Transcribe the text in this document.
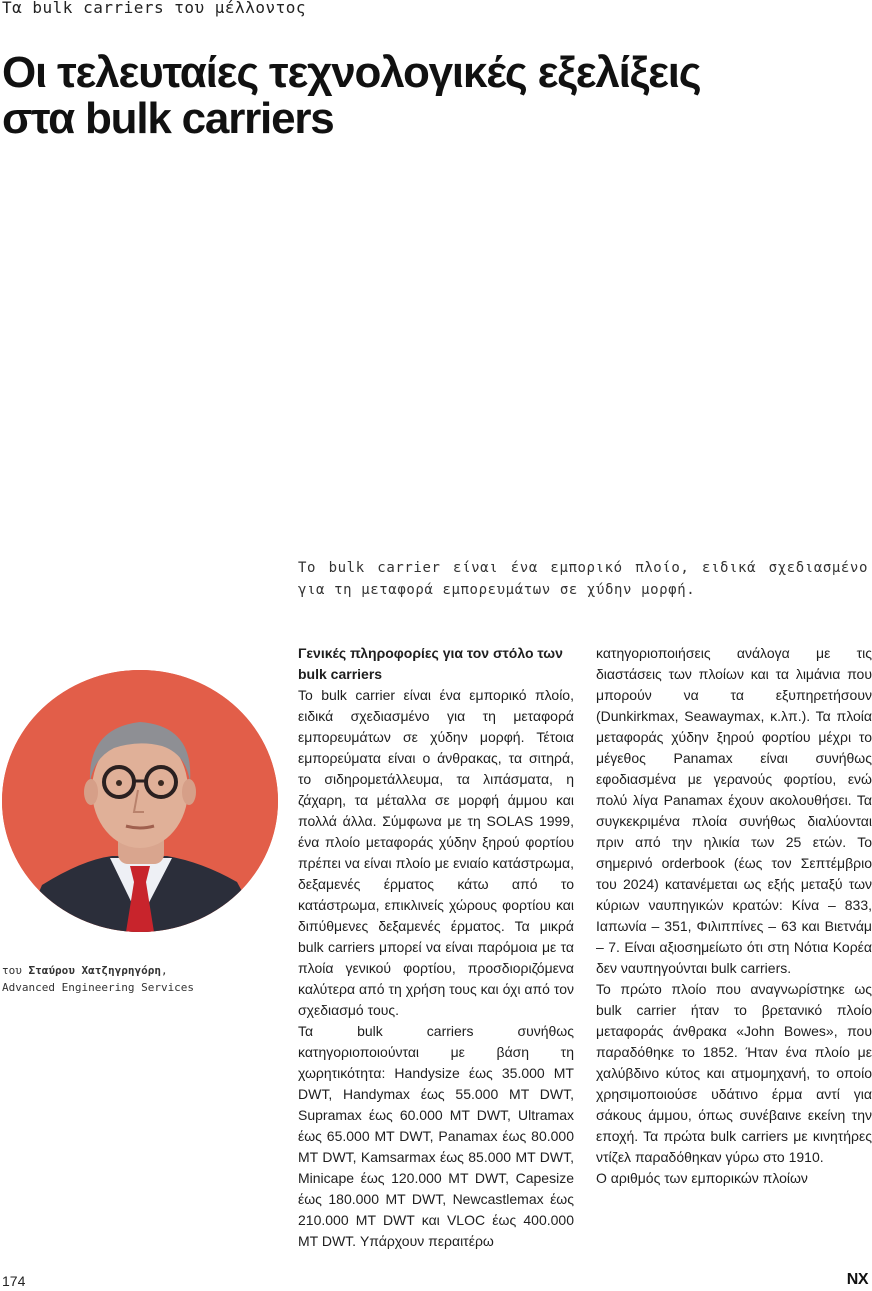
Τα bulk carriers του μέλλοντος

Οι τελευταίες τεχνολογικές εξελίξεις
στα bulk carriers

Το bulk carrier είναι ένα εμπορικό πλοίο, ειδικά σχεδιασμένο για τη μεταφορά εμπορευμάτων σε χύδην μορφή.

του Σταύρου Χατζηγρηγόρη,
Advanced Engineering Services

Γενικές πληροφορίες για τον στόλο των bulk carriers

Το bulk carrier είναι ένα εμπορικό πλοίο, ειδικά σχεδιασμένο για τη μεταφορά εμπορευμάτων σε χύδην μορφή. Τέτοια εμπορεύματα είναι ο άνθρακας, τα σιτηρά, το σιδηρομετάλλευμα, τα λιπάσματα, η ζάχαρη, τα μέταλλα σε μορφή άμμου και πολλά άλλα. Σύμφωνα με τη SOLAS 1999, ένα πλοίο μεταφοράς χύδην ξηρού φορτίου πρέπει να είναι πλοίο με ενιαίο κατάστρωμα, δεξαμενές έρματος κάτω από το κατάστρωμα, επικλινείς χώρους φορτίου και διπύθμενες δεξαμενές έρματος. Τα μικρά bulk carriers μπορεί να είναι παρόμοια με τα πλοία γενικού φορτίου, προσδιοριζόμενα καλύτερα από τη χρήση τους και όχι από τον σχεδιασμό τους.

Τα bulk carriers συνήθως κατηγοριοποιούνται με βάση τη χωρητικότητα: Handysize έως 35.000 MT DWT, Handymax έως 55.000 MT DWT, Supramax έως 60.000 MT DWT, Ultramax έως 65.000 MT DWT, Panamax έως 80.000 MT DWT, Kamsarmax έως 85.000 MT DWT, Minicape έως 120.000 MT DWT, Capesize έως 180.000 MT DWT, Newcastlemax έως 210.000 MT DWT και VLOC έως 400.000 MT DWT. Υπάρχουν περαιτέρω

κατηγοριοποιήσεις ανάλογα με τις διαστάσεις των πλοίων και τα λιμάνια που μπορούν να τα εξυπηρετήσουν (Dunkirkmax, Seawaymax, κ.λπ.). Τα πλοία μεταφοράς χύδην ξηρού φορτίου μέχρι το μέγεθος Panamax είναι συνήθως εφοδιασμένα με γερανούς φορτίου, ενώ πολύ λίγα Panamax έχουν ακολουθήσει. Τα συγκεκριμένα πλοία συνήθως διαλύονται πριν από την ηλικία των 25 ετών. Το σημερινό orderbook (έως τον Σεπτέμβριο του 2024) κατανέμεται ως εξής μεταξύ των κύριων ναυπηγικών κρατών: Κίνα – 833, Ιαπωνία – 351, Φιλιππίνες – 63 και Βιετνάμ – 7. Είναι αξιοσημείωτο ότι στη Νότια Κορέα δεν ναυπηγούνται bulk carriers.

Το πρώτο πλοίο που αναγνωρίστηκε ως bulk carrier ήταν το βρετανικό πλοίο μεταφοράς άνθρακα «John Bowes», που παραδόθηκε το 1852. Ήταν ένα πλοίο με χαλύβδινο κύτος και ατμομηχανή, το οποίο χρησιμοποιούσε υδάτινο έρμα αντί για σάκους άμμου, όπως συνέβαινε εκείνη την εποχή. Τα πρώτα bulk carriers με κινητήρες ντίζελ παραδόθηκαν γύρω στο 1910.

Ο αριθμός των εμπορικών πλοίων

174	NX
